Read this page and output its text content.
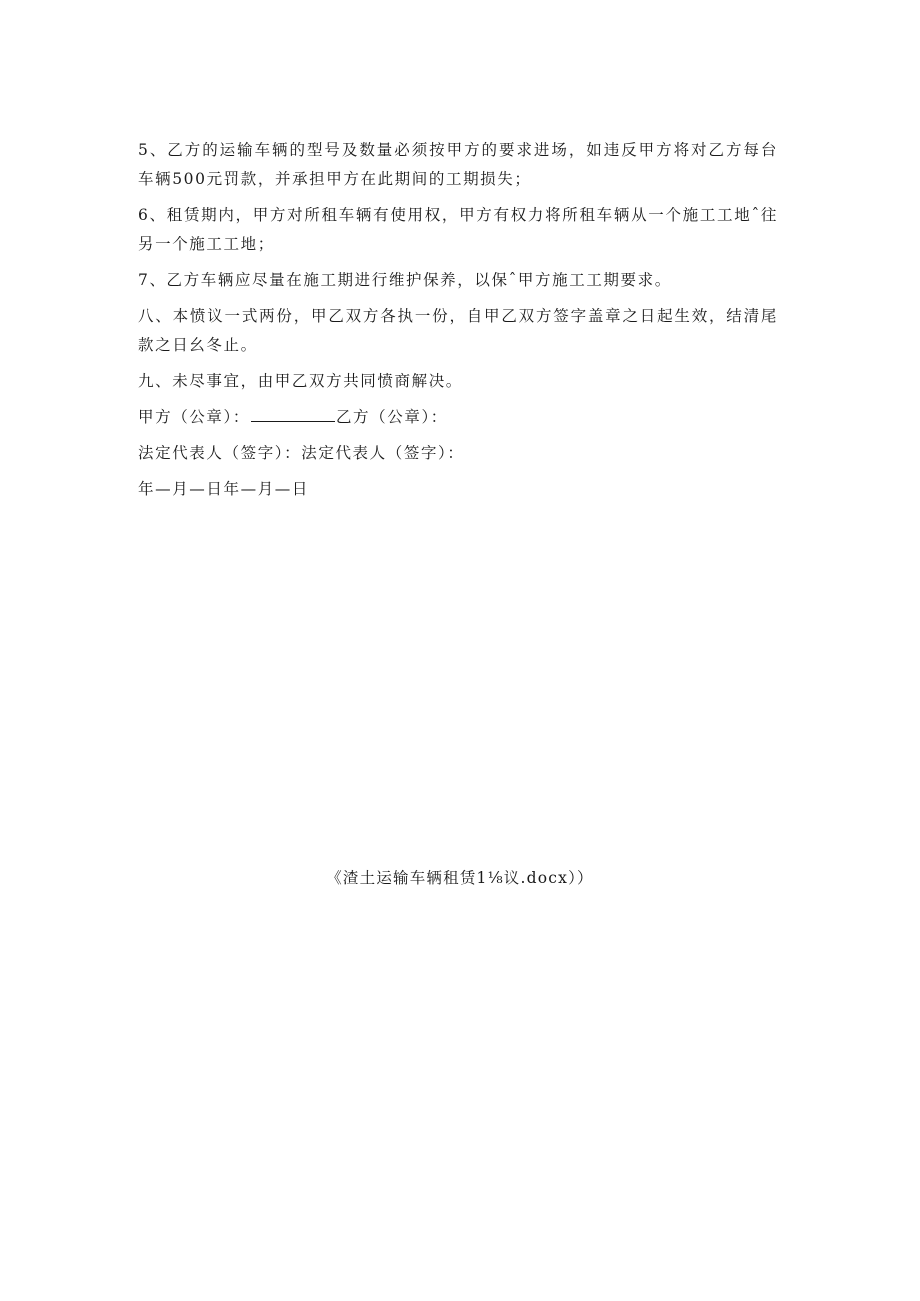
5、乙方的运输车辆的型号及数量必须按甲方的要求进场，如违反甲方将对乙方每台车辆500元罚款，并承担甲方在此期间的工期损失；

6、租赁期内，甲方对所租车辆有使用权，甲方有权力将所租车辆从一个施工工地ˆ往另一个施工工地；

7、乙方车辆应尽量在施工期进行维护保养，以保ˆ甲方施工工期要求。

八、本愤议一式两份，甲乙双方各执一份，自甲乙双方签字盖章之日起生效，结清尾款之日幺冬止。

九、未尽事宜，由甲乙双方共同愤商解决。

甲方（公章）：	乙方（公章）：

法定代表人（签字）：法定代表人（签字）：

年—月—日年—月—日

《渣土运输车辆租赁1⅛议.docx））
